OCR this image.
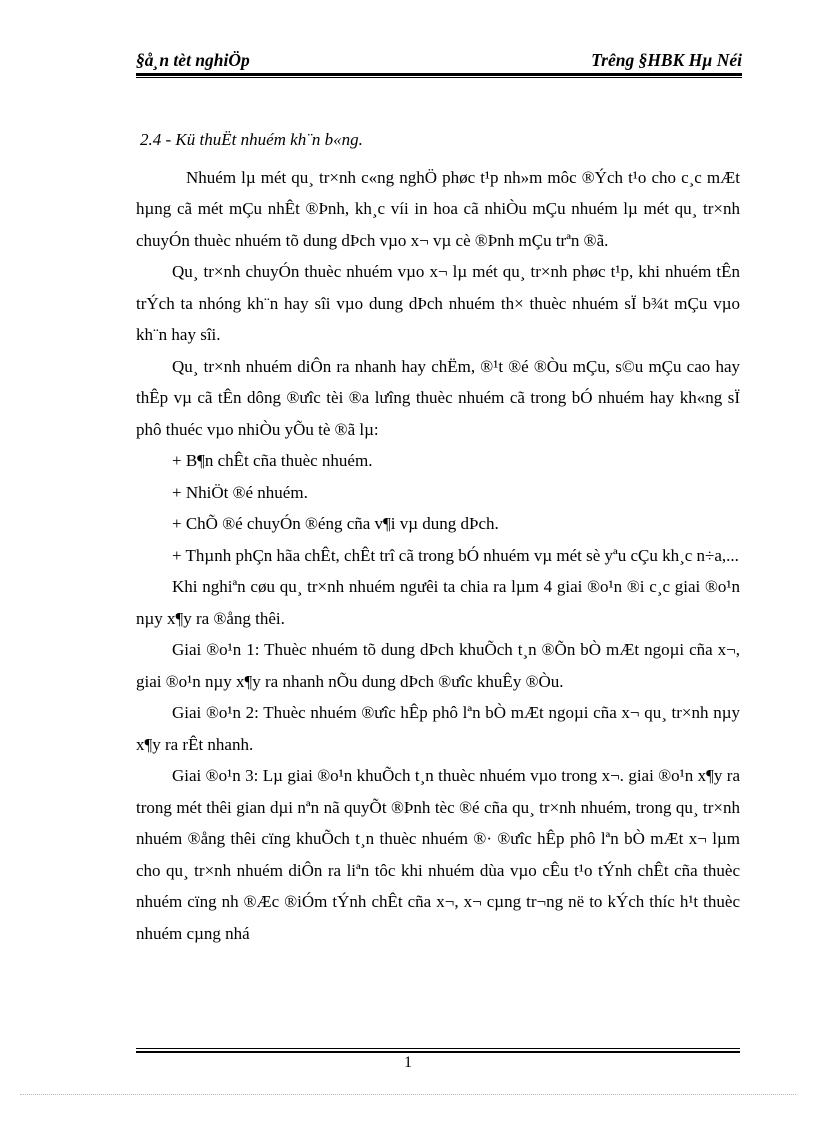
§å¸n tèt nghiÖp	Trêng §HBK Hµ Néi
2.4 - Kü thuËt nhuém kh¨n b«ng.

Nhuém lµ mét qu¸ tr×nh c«ng nghÖ phøc t¹p nh»m môc ®Ých t¹o cho c¸c mÆt hµng cã mét mÇu nhÊt ®Þnh, kh¸c víi in hoa cã nhiÒu mÇu nhuém lµ mét qu¸ tr×nh chuyÓn thuèc nhuém tõ dung dÞch vµo x¬ vµ cè ®Þnh mÇu trªn ®ã.

Qu¸ tr×nh chuyÓn thuèc nhuém vµo x¬ lµ mét qu¸ tr×nh phøc t¹p, khi nhuém tÊn trÝch ta nhóng kh¨n hay sîi vµo dung dÞch nhuém th× thuèc nhuém sÏ b¾t mÇu vµo kh¨n hay sîi.

Qu¸ tr×nh nhuém diÔn ra nhanh hay chËm, ®¹t ®é ®Òu mÇu, s©u mÇu cao hay thÊp vµ cã tÊn dông ®ưîc tèi ®a lưîng thuèc nhuém cã trong bÓ nhuém hay kh«ng sÏ phô thuéc vµo nhiÒu yÕu tè ®ã lµ:

+ B¶n chÊt cña thuèc nhuém.

+ NhiÖt ®é nhuém.

+ ChÕ ®é chuyÓn ®éng cña v¶i vµ dung dÞch.

+ Thµnh phÇn hãa chÊt, chÊt trî cã trong bÓ nhuém vµ mét sè yªu cÇu kh¸c n÷a,...

Khi nghiªn cøu qu¸ tr×nh nhuém ngưêi ta chia ra lµm 4 giai ®o¹n ®i c¸c giai ®o¹n nµy x¶y ra ®ång thêi.

Giai ®o¹n 1: Thuèc nhuém tõ dung dÞch khuÕch t¸n ®Õn bÒ mÆt ngoµi cña x¬, giai ®o¹n nµy x¶y ra nhanh nÕu dung dÞch ®ưîc khuÊy ®Òu.

Giai ®o¹n 2: Thuèc nhuém ®ưîc hÊp phô lªn bÒ mÆt ngoµi cña x¬ qu¸ tr×nh nµy x¶y ra rÊt nhanh.

Giai ®o¹n 3: Lµ giai ®o¹n khuÕch t¸n thuèc nhuém vµo trong x¬. giai ®o¹n x¶y ra trong mét thêi gian dµi nªn nã quyÕt ®Þnh tèc ®é cña qu¸ tr×nh nhuém, trong qu¸ tr×nh nhuém ®ång thêi cïng khuÕch t¸n thuèc nhuém ®· ®ưîc hÊp phô lªn bÒ mÆt x¬ lµm cho qu¸ tr×nh nhuém diÔn ra liªn tôc khi nhuém dùa vµo cÊu t¹o tÝnh chÊt cña thuèc nhuém cïng nh ®Æc ®iÓm tÝnh chÊt cña x¬, x¬ cµng tr¬ng në to kÝch thíc h¹t thuèc nhuém cµng nhá

1
